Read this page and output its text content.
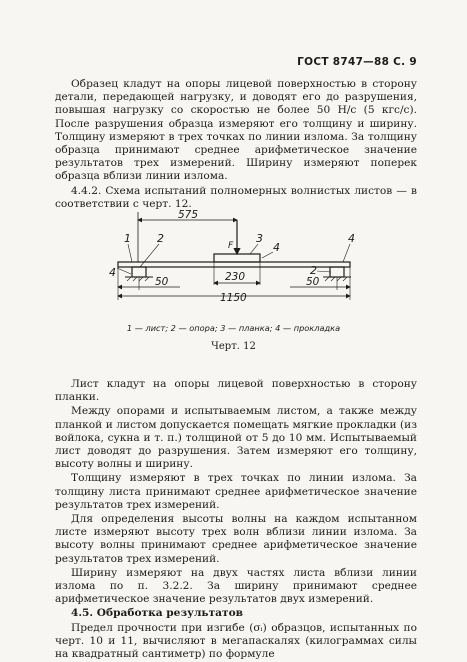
ГОСТ 8747—88 С. 9

Образец кладут на опоры лицевой поверхностью в сторону детали, передающей нагрузку, и доводят его до разрушения, повышая нагрузку со скоростью не более 50 Н/с (5 кгс/с). После разрушения образца измеряют его толщину и ширину. Толщину измеряют в трех точках по линии излома. За толщину образца принимают среднее арифметическое значение результатов трех измерений. Ширину измеряют поперек образца вблизи линии излома.

4.4.2. Схема испытаний полномерных волнистых листов — в соответствии с черт. 12.

575
F
1 2	3
4
4
4
2
230
50	50
1150
1 — лист; 2 — опора; 3 — планка; 4 — прокладка
Черт. 12

Лист кладут на опоры лицевой поверхностью в сторону планки.

Между опорами и испытываемым листом, а также между планкой и листом допускается помещать мягкие прокладки (из войлока, сукна и т. п.) толщиной от 5 до 10 мм. Испытываемый лист доводят до разрушения. Затем измеряют его толщину, высоту волны и ширину.

Толщину измеряют в трех точках по линии излома. За толщину листа принимают среднее арифметическое значение результатов трех измерений.

Для определения высоты волны на каждом испытанном листе измеряют высоту трех волн вблизи линии излома. За высоту волны принимают среднее арифметическое значение результатов трех измерений.

Ширину измеряют на двух частях листа вблизи линии излома по п. 3.2.2. За ширину принимают среднее арифметическое значение результатов двух измерений.

4.5. Обработка результатов

Предел прочности при изгибе (σᵢ) образцов, испытанных по черт. 10 и 11, вычисляют в мегапаскалях (килограммах силы на квадратный сантиметр) по формуле
